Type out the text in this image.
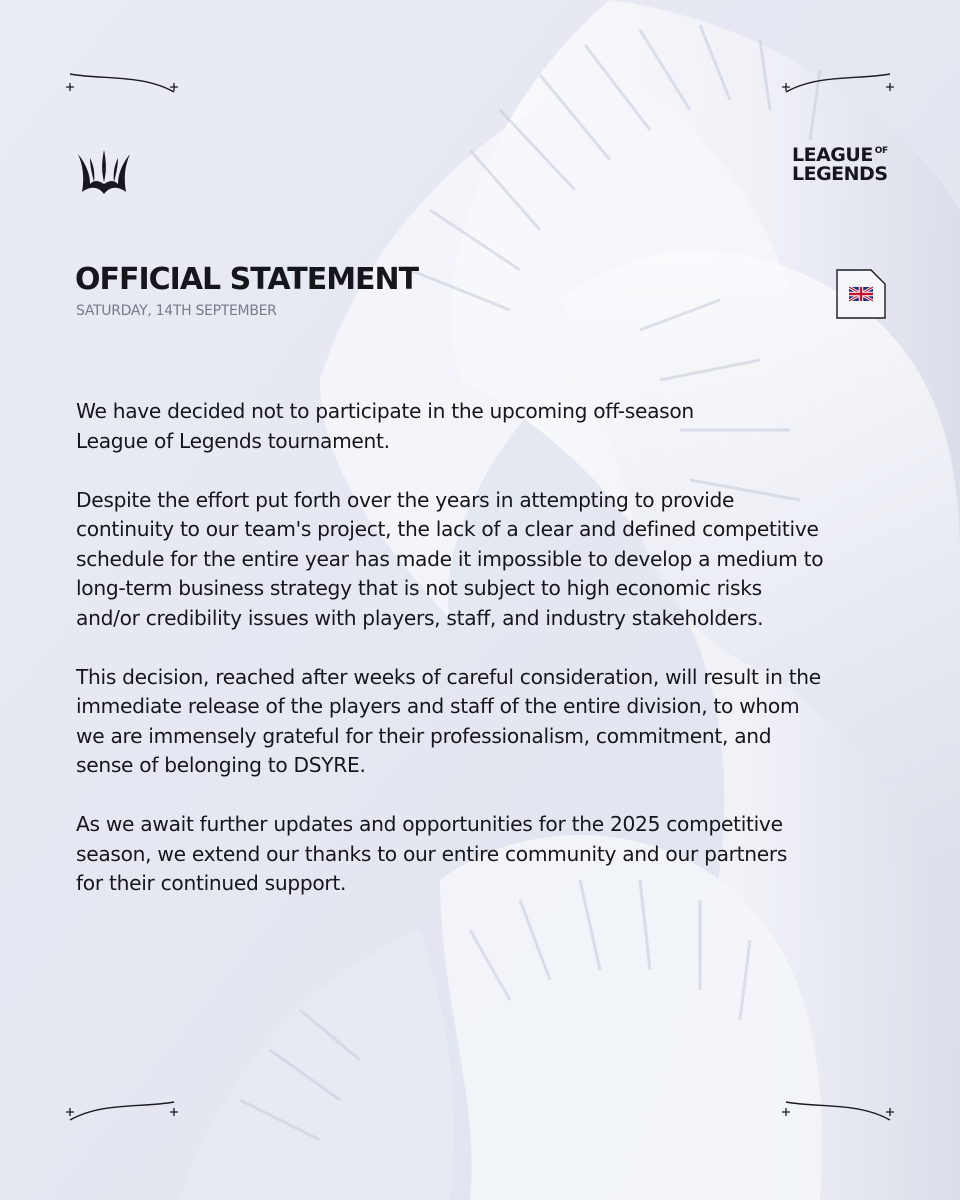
LEAGUE OF
LEGENDS
OFFICIAL STATEMENT
SATURDAY, 14TH SEPTEMBER

We have decided not to participate in the upcoming off-season
League of Legends tournament.

Despite the effort put forth over the years in attempting to provide
continuity to our team's project, the lack of a clear and defined competitive
schedule for the entire year has made it impossible to develop a medium to
long-term business strategy that is not subject to high economic risks
and/or credibility issues with players, staff, and industry stakeholders.

This decision, reached after weeks of careful consideration, will result in the
immediate release of the players and staff of the entire division, to whom
we are immensely grateful for their professionalism, commitment, and
sense of belonging to DSYRE.

As we await further updates and opportunities for the 2025 competitive
season, we extend our thanks to our entire community and our partners
for their continued support.
